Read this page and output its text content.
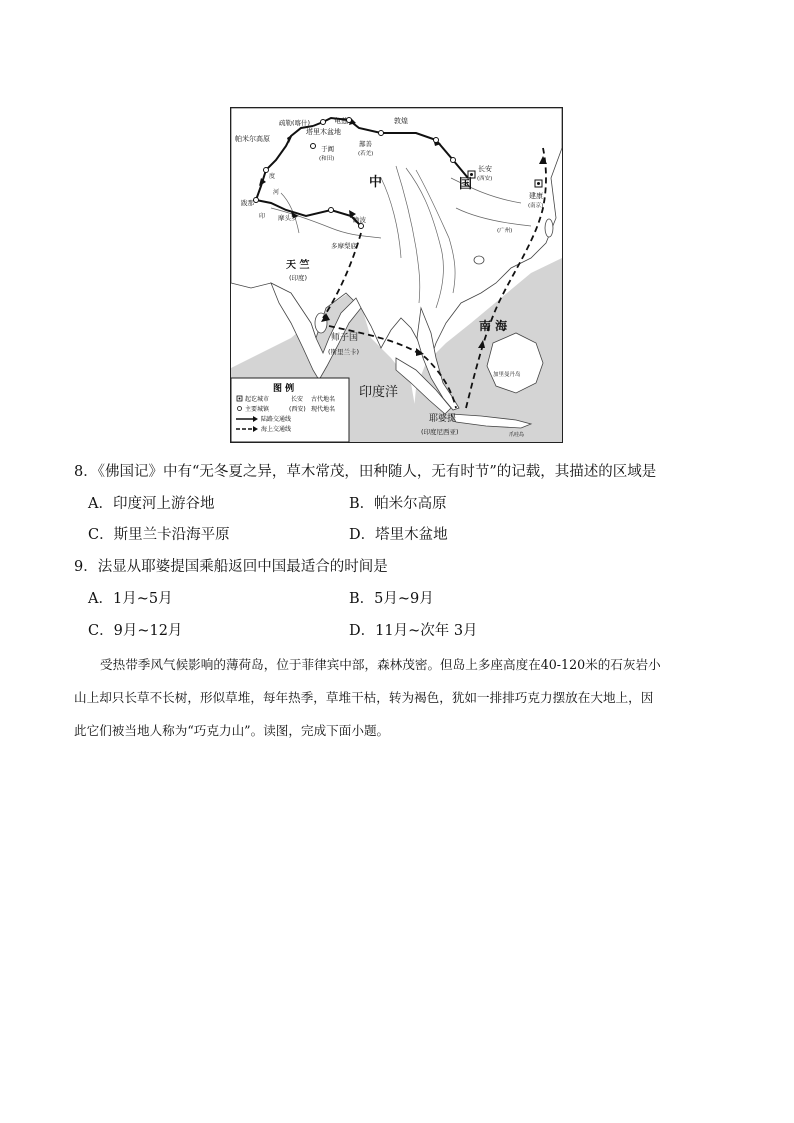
图 例
起讫城市	长安 古代地名
主要城镇	(西安) 现代地名
陆路交通线
海上交通线
帕米尔高原
疏勒(喀什)	龟兹
塔里木盆地
于阗
(和田)
鄯善
(若羌)
敦煌
长安
(西安)
建康
(南京)
(广州)
中	国
天 竺
(印度)
摩头罗	瞻波
多摩梨底
跋那
师子国
(斯里兰卡)
南 海
印度洋
耶婆提
(印度尼西亚)
加里曼丹岛
爪哇岛
印
度
河
8．《佛国记》中有“无冬夏之异，草木常茂，田种随人，无有时节”的记载，其描述的区域是
A．印度河上游谷地	B．帕米尔高原
C．斯里兰卡沿海平原	D．塔里木盆地
9．法显从耶婆提国乘船返回中国最适合的时间是
A．1月~5月	B．5月~9月
C．9月~12月	D．11月~次年 3月
受热带季风气候影响的薄荷岛，位于菲律宾中部，森林茂密。但岛上多座高度在40-120米的石灰岩小
山上却只长草不长树，形似草堆，每年热季，草堆干枯，转为褐色，犹如一排排巧克力摆放在大地上，因
此它们被当地人称为“巧克力山”。读图，完成下面小题。
